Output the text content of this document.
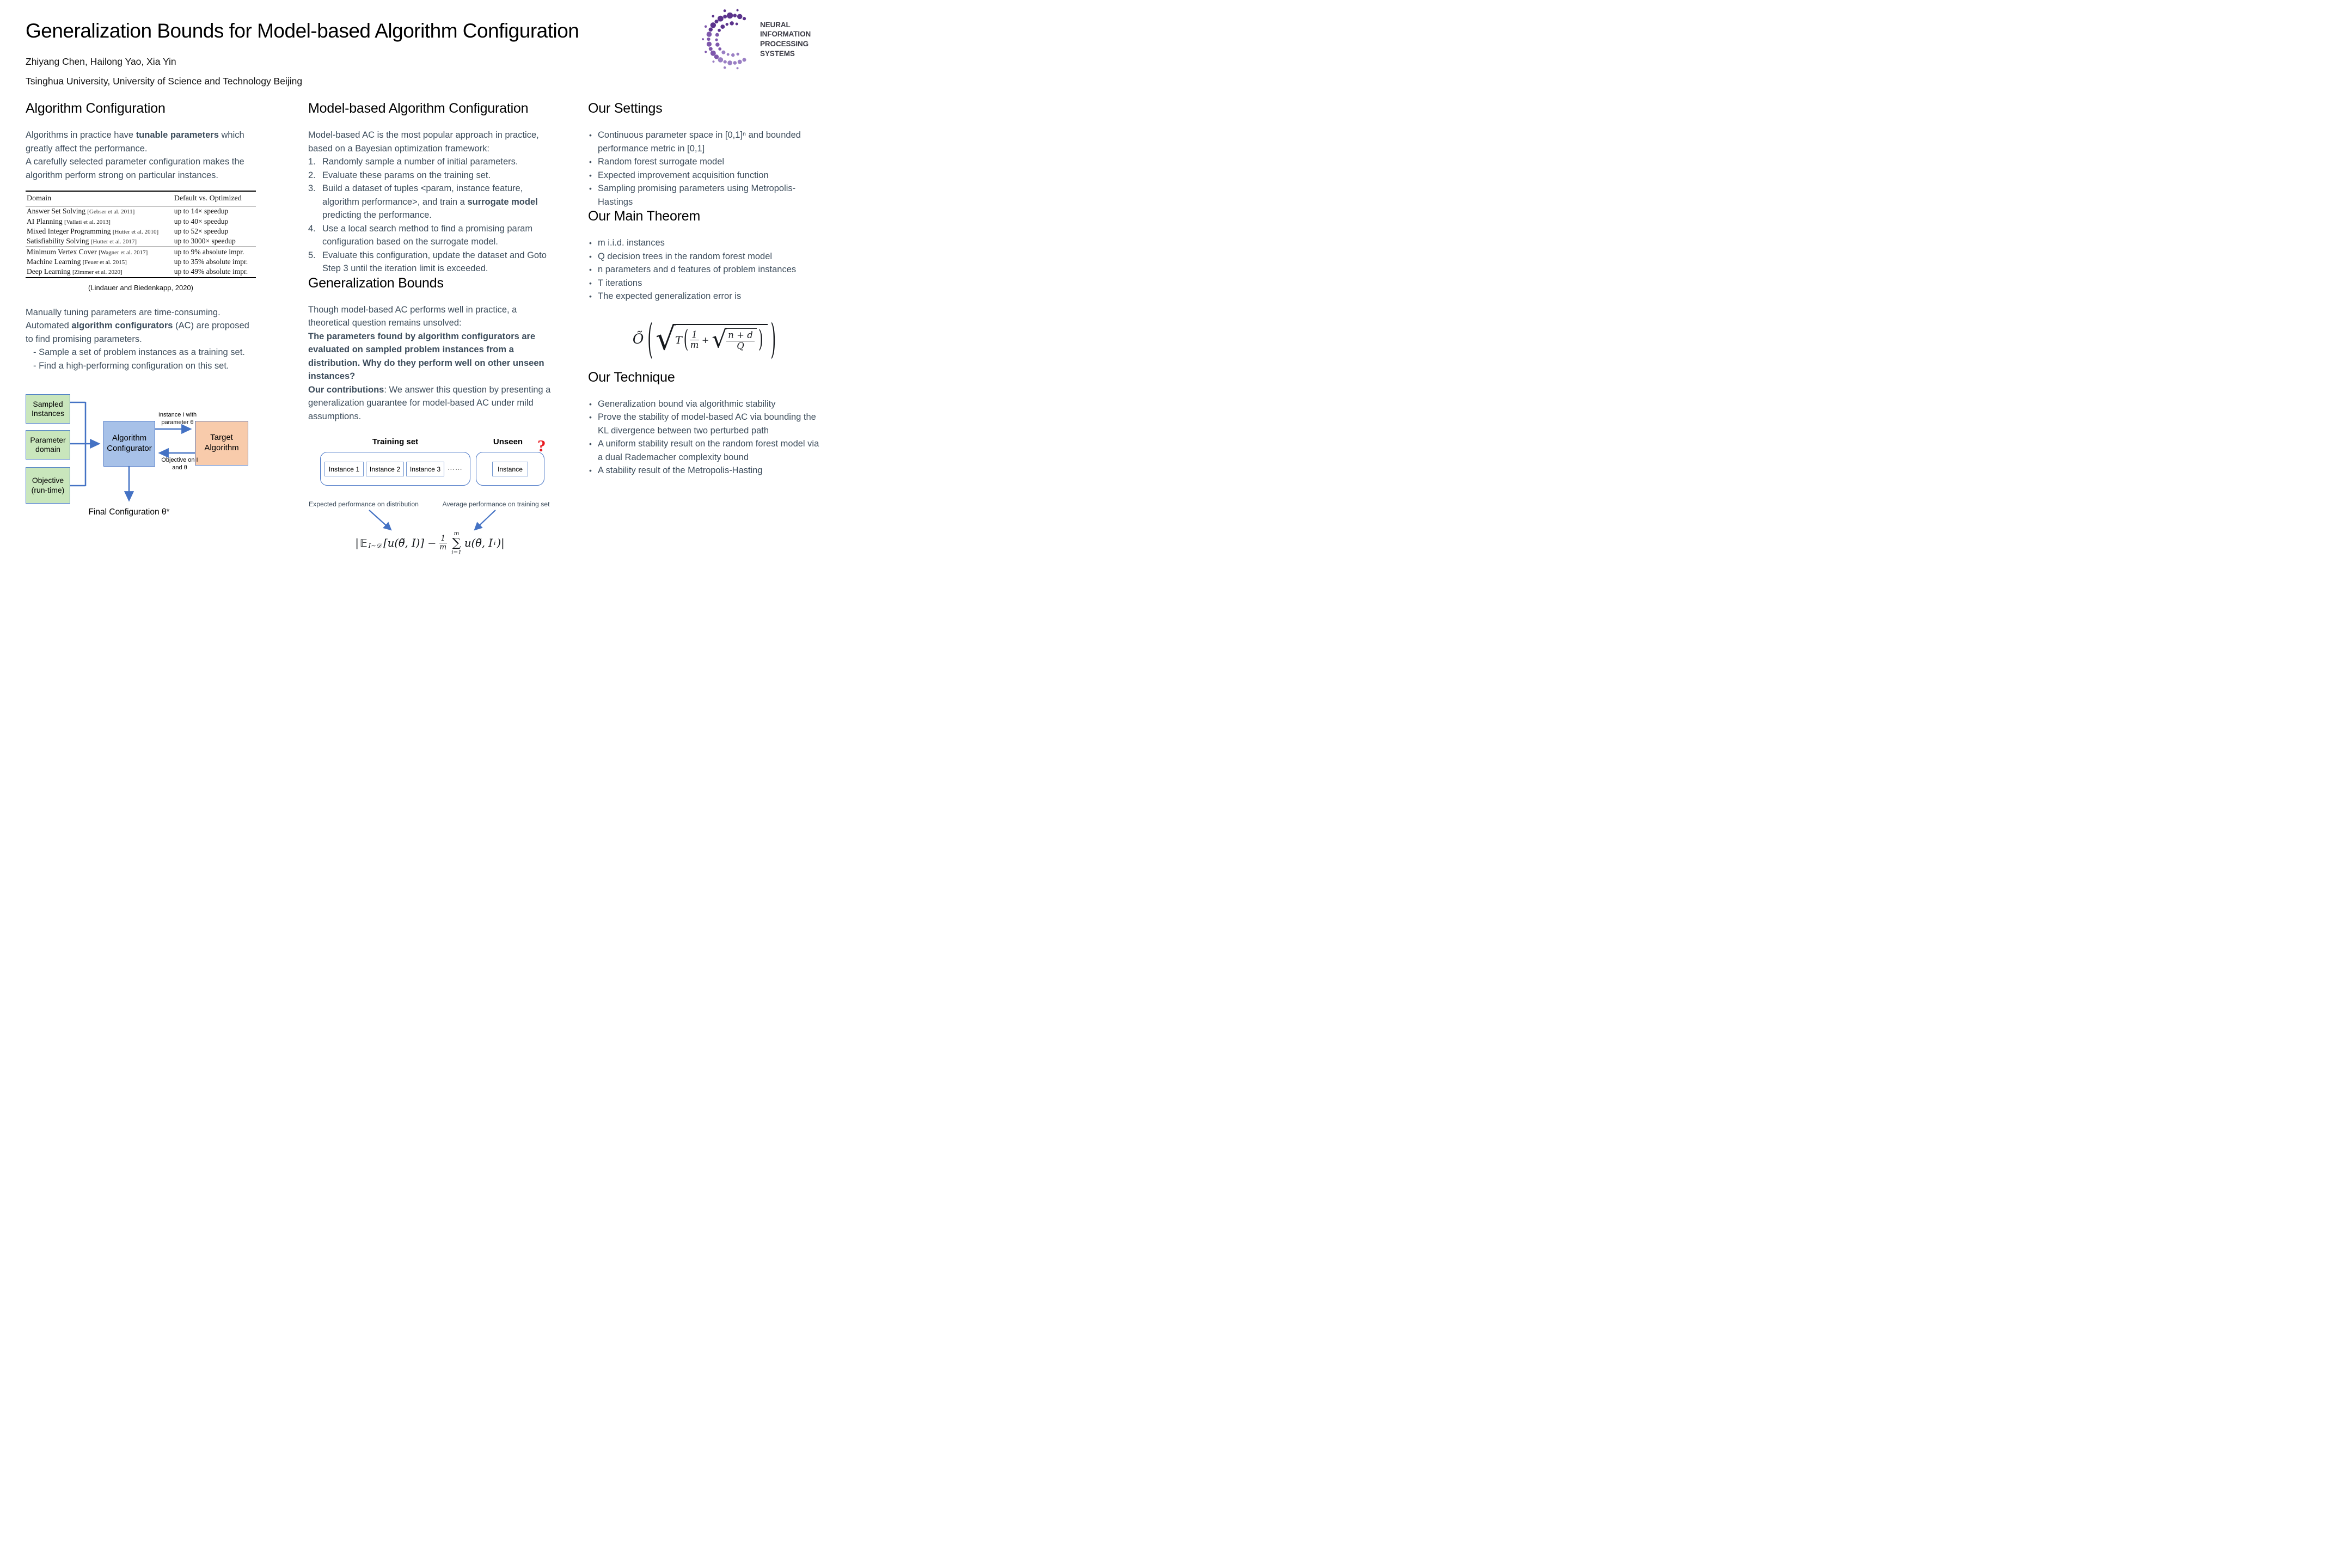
Generalization Bounds for Model-based Algorithm Configuration
Zhiyang Chen, Hailong Yao, Xia Yin
Tsinghua University, University of Science and Technology Beijing
NEURAL INFORMATION
PROCESSING SYSTEMS
Algorithm Configuration
Algorithms in practice have tunable parameters which greatly affect the performance.
A carefully selected parameter configuration makes the algorithm perform strong on particular instances.
Domain	Default vs. Optimized
Answer Set Solving [Gebser et al. 2011]	up to 14× speedup
AI Planning [Vallati et al. 2013]	up to 40× speedup
Mixed Integer Programming [Hutter et al. 2010]	up to 52× speedup
Satisfiability Solving [Hutter et al. 2017]	up to 3000× speedup
Minimum Vertex Cover [Wagner et al. 2017]	up to 9% absolute impr.
Machine Learning [Feuer et al. 2015]	up to 35% absolute impr.
Deep Learning [Zimmer et al. 2020]	up to 49% absolute impr.
(Lindauer and Biedenkapp, 2020)
Manually tuning parameters are time-consuming.
Automated algorithm configurators (AC) are proposed to find promising parameters.
- Sample a set of problem instances as a training set.
- Find a high-performing configuration on this set.
Sampled Instances
Parameter domain
Objective (run-time)
Algorithm Configurator
Target Algorithm
Instance I with parameter θ
Objective on I and θ
Final Configuration θ*
Model-based Algorithm Configuration

Model-based AC is the most popular approach in practice, based on a Bayesian optimization framework:

1. Randomly sample a number of initial parameters.
2. Evaluate these params on the training set.
3. Build a dataset of tuples <param, instance feature, algorithm performance>, and train a surrogate model predicting the performance.
4. Use a local search method to find a promising param configuration based on the surrogate model.
5. Evaluate this configuration, update the dataset and Goto Step 3 until the iteration limit is exceeded.
Generalization Bounds

Though model-based AC performs well in practice, a theoretical question remains unsolved:

The parameters found by algorithm configurators are evaluated on sampled problem instances from a distribution. Why do they perform well on other unseen instances?

Our contributions: We answer this question by presenting a generalization guarantee for model-based AC under mild assumptions.

Training set	Unseen ?
Instance 1	Instance 2	Instance 3 ⋯⋯	Instance
Expected performance on distribution	Average performance on training set
| 𝔼 I∼𝒟 [u(θ̃, $I)] - \frac{1}{m}$
m
∑
i=1
u(θ̃, I i )|
Our Settings
• Continuous parameter space in [0,1]ⁿ and bounded performance metric in [0,1]
• Random forest surrogate model
• Expected improvement acquisition function
• Sampling promising parameters using Metropolis-Hastings
Our Main Theorem
• m i.i.d. instances
• Q decision trees in the random forest model
• n parameters and d features of problem instances
• T iterations
• The expected generalization error is
Õ ( √ T ( $\frac{1}{m}$ + √ $\frac{n + d}{Q}$ ) )
Our Technique
• Generalization bound via algorithmic stability
• Prove the stability of model-based AC via bounding the KL divergence between two perturbed path
• A uniform stability result on the random forest model via a dual Rademacher complexity bound
• A stability result of the Metropolis-Hasting
